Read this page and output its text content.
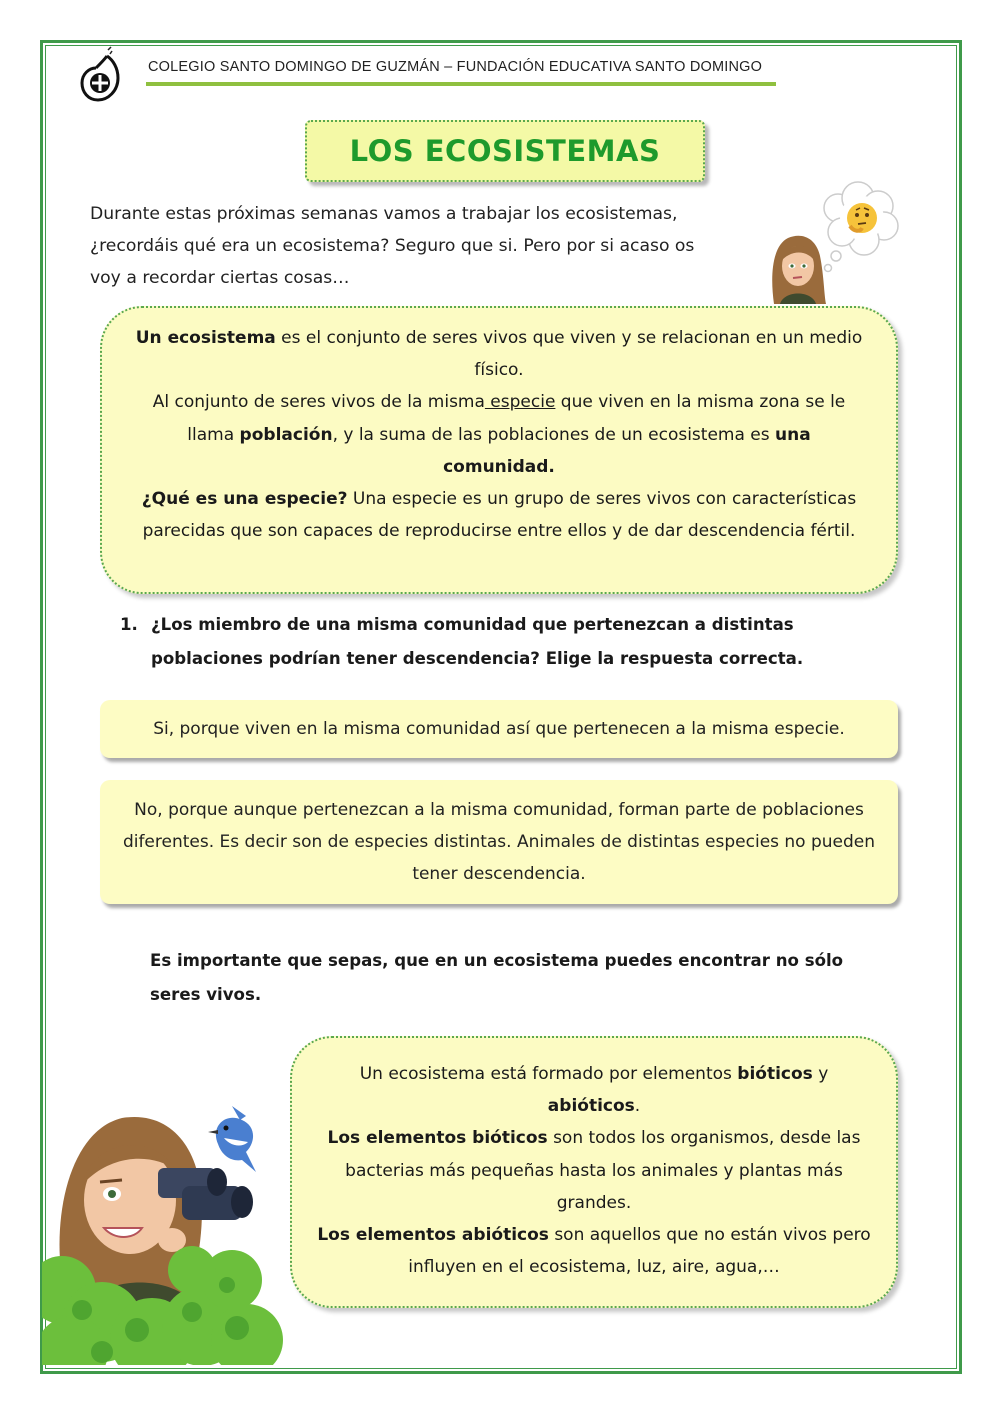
COLEGIO SANTO DOMINGO DE GUZMÁN – FUNDACIÓN EDUCATIVA SANTO DOMINGO
LOS ECOSISTEMAS

Durante estas próximas semanas vamos a trabajar los ecosistemas,

¿recordáis qué era un ecosistema? Seguro que si. Pero por si acaso os

voy a recordar ciertas cosas…

Un ecosistema es el conjunto de seres vivos que viven y se relacionan en un medio físico.

Al conjunto de seres vivos de la misma especie que viven en la misma zona se le llama población, y la suma de las poblaciones de un ecosistema es una comunidad.

¿Qué es una especie? Una especie es un grupo de seres vivos con características parecidas que son capaces de reproducirse entre ellos y de dar descendencia fértil.

1. ¿Los miembro de una misma comunidad que pertenezcan a distintas poblaciones podrían tener descendencia? Elige la respuesta correcta.
Si, porque viven en la misma comunidad así que pertenecen a la misma especie.
No, porque aunque pertenezcan a la misma comunidad, forman parte de poblaciones diferentes. Es decir son de especies distintas. Animales de distintas especies no pueden tener descendencia.
Es importante que sepas, que en un ecosistema puedes encontrar no sólo seres vivos.

Un ecosistema está formado por elementos bióticos y abióticos.

Los elementos bióticos son todos los organismos, desde las bacterias más pequeñas hasta los animales y plantas más grandes.

Los elementos abióticos son aquellos que no están vivos pero influyen en el ecosistema, luz, aire, agua,…
